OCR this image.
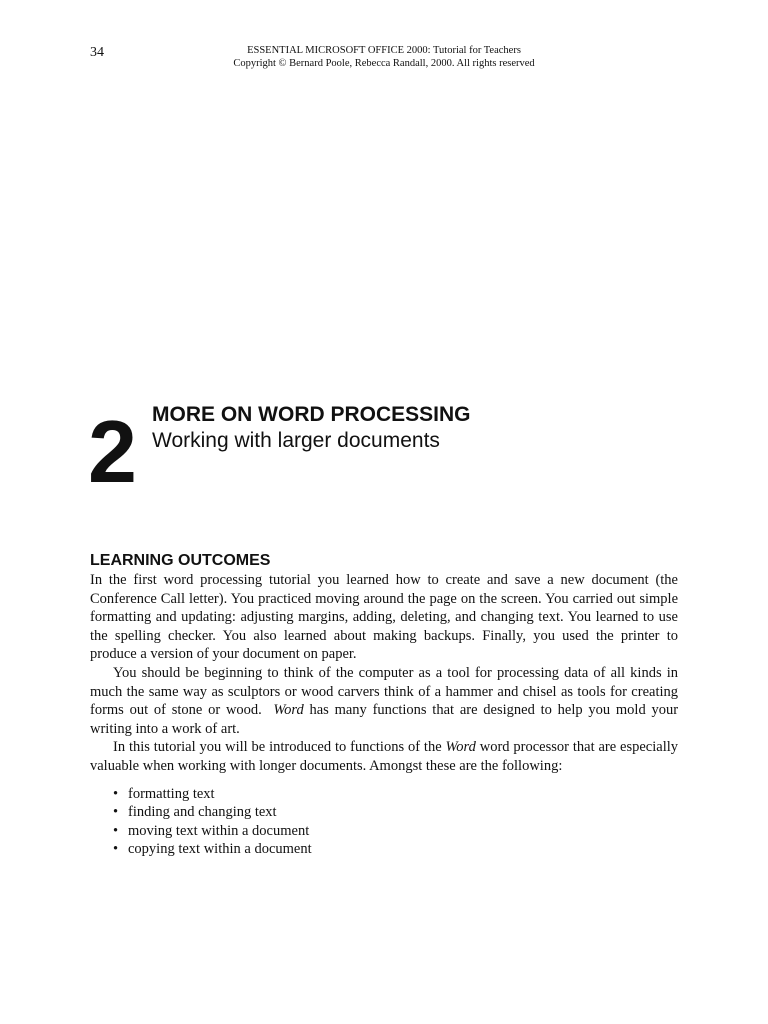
34	ESSENTIAL MICROSOFT OFFICE 2000: Tutorial for Teachers
Copyright © Bernard Poole, Rebecca Randall, 2000. All rights reserved
2 MORE ON WORD PROCESSING
Working with larger documents
LEARNING OUTCOMES

In the first word processing tutorial you learned how to create and save a new document (the Conference Call letter). You practiced moving around the page on the screen. You carried out simple formatting and updating: adjusting margins, adding, deleting, and changing text. You learned to use the spelling checker. You also learned about making backups. Finally, you used the printer to produce a version of your document on paper.

You should be beginning to think of the computer as a tool for processing data of all kinds in much the same way as sculptors or wood carvers think of a hammer and chisel as tools for creating forms out of stone or wood. Word has many functions that are designed to help you mold your writing into a work of art.

In this tutorial you will be introduced to functions of the Word word processor that are especially valuable when working with longer documents. Amongst these are the following:

• formatting text
• finding and changing text
• moving text within a document
• copying text within a document
